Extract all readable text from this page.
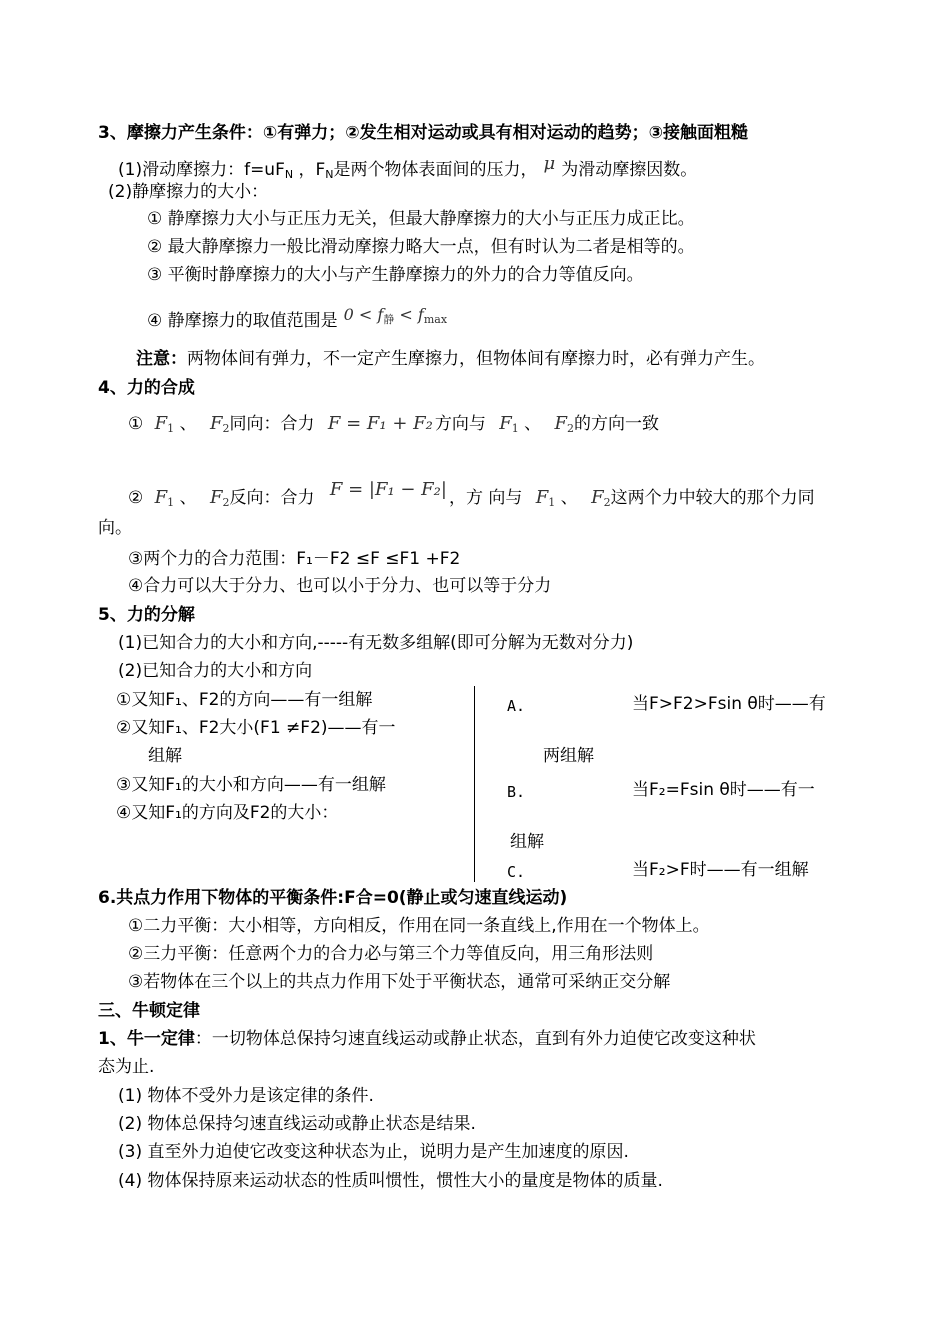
3、摩擦力产生条件：①有弹力；②发生相对运动或具有相对运动的趋势；③接触面粗糙
(1)滑动摩擦力：$f=uF_N$ ，$F_N$是两个物体表面间的压力， μ 为滑动摩擦因数。
(2)静摩擦力的大小：
① 静摩擦力大小与正压力无关，但最大静摩擦力的大小与正压力成正比。
② 最大静摩擦力一般比滑动摩擦力略大一点，但有时认为二者是相等的。
③ 平衡时静摩擦力的大小与产生静摩擦力的外力的合力等值反向。
④ 静摩擦力的取值范围是 $0 < f_静 < f_{max}$
注意：两物体间有弹力，不一定产生摩擦力，但物体间有摩擦力时，必有弹力产生。
4、力的合成
① $F_1$ 、 $F_2$同向：合力 F = F₁ + F₂ 方向与 $F_1$ 、 $F_2$的方向一致
② $F_1$ 、 $F_2$反向：合力 F = |F₁ − F₂| ，方 向与 $F_1$ 、 $F_2$这两个力中较大的那个力同
向。
③两个力的合力范围：F₁－F2 ≤F ≤F1 +F2
④合力可以大于分力、也可以小于分力、也可以等于分力
5、力的分解
(1)已知合力的大小和方向,-----有无数多组解(即可分解为无数对分力)
(2)已知合力的大小和方向
①又知F₁、F2的方向——有一组解
②又知F₁、F2大小(F1 ≠F2)——有一
组解
③又知F₁的大小和方向——有一组解
④又知F₁的方向及F2的大小：
A.	当F>F2>Fsin θ时——有
两组解
B.	当F₂=Fsin θ时——有一
组解
C.	当F₂>F时——有一组解
6.共点力作用下物体的平衡条件:F合=0(静止或匀速直线运动)
①二力平衡：大小相等，方向相反，作用在同一条直线上,作用在一个物体上。
②三力平衡：任意两个力的合力必与第三个力等值反向，用三角形法则
③若物体在三个以上的共点力作用下处于平衡状态，通常可采纳正交分解
三、牛顿定律
1、牛一定律：一切物体总保持匀速直线运动或静止状态，直到有外力迫使它改变这种状
态为止.
(1) 物体不受外力是该定律的条件.
(2) 物体总保持匀速直线运动或静止状态是结果.
(3) 直至外力迫使它改变这种状态为止，说明力是产生加速度的原因.
(4) 物体保持原来运动状态的性质叫惯性，惯性大小的量度是物体的质量.
